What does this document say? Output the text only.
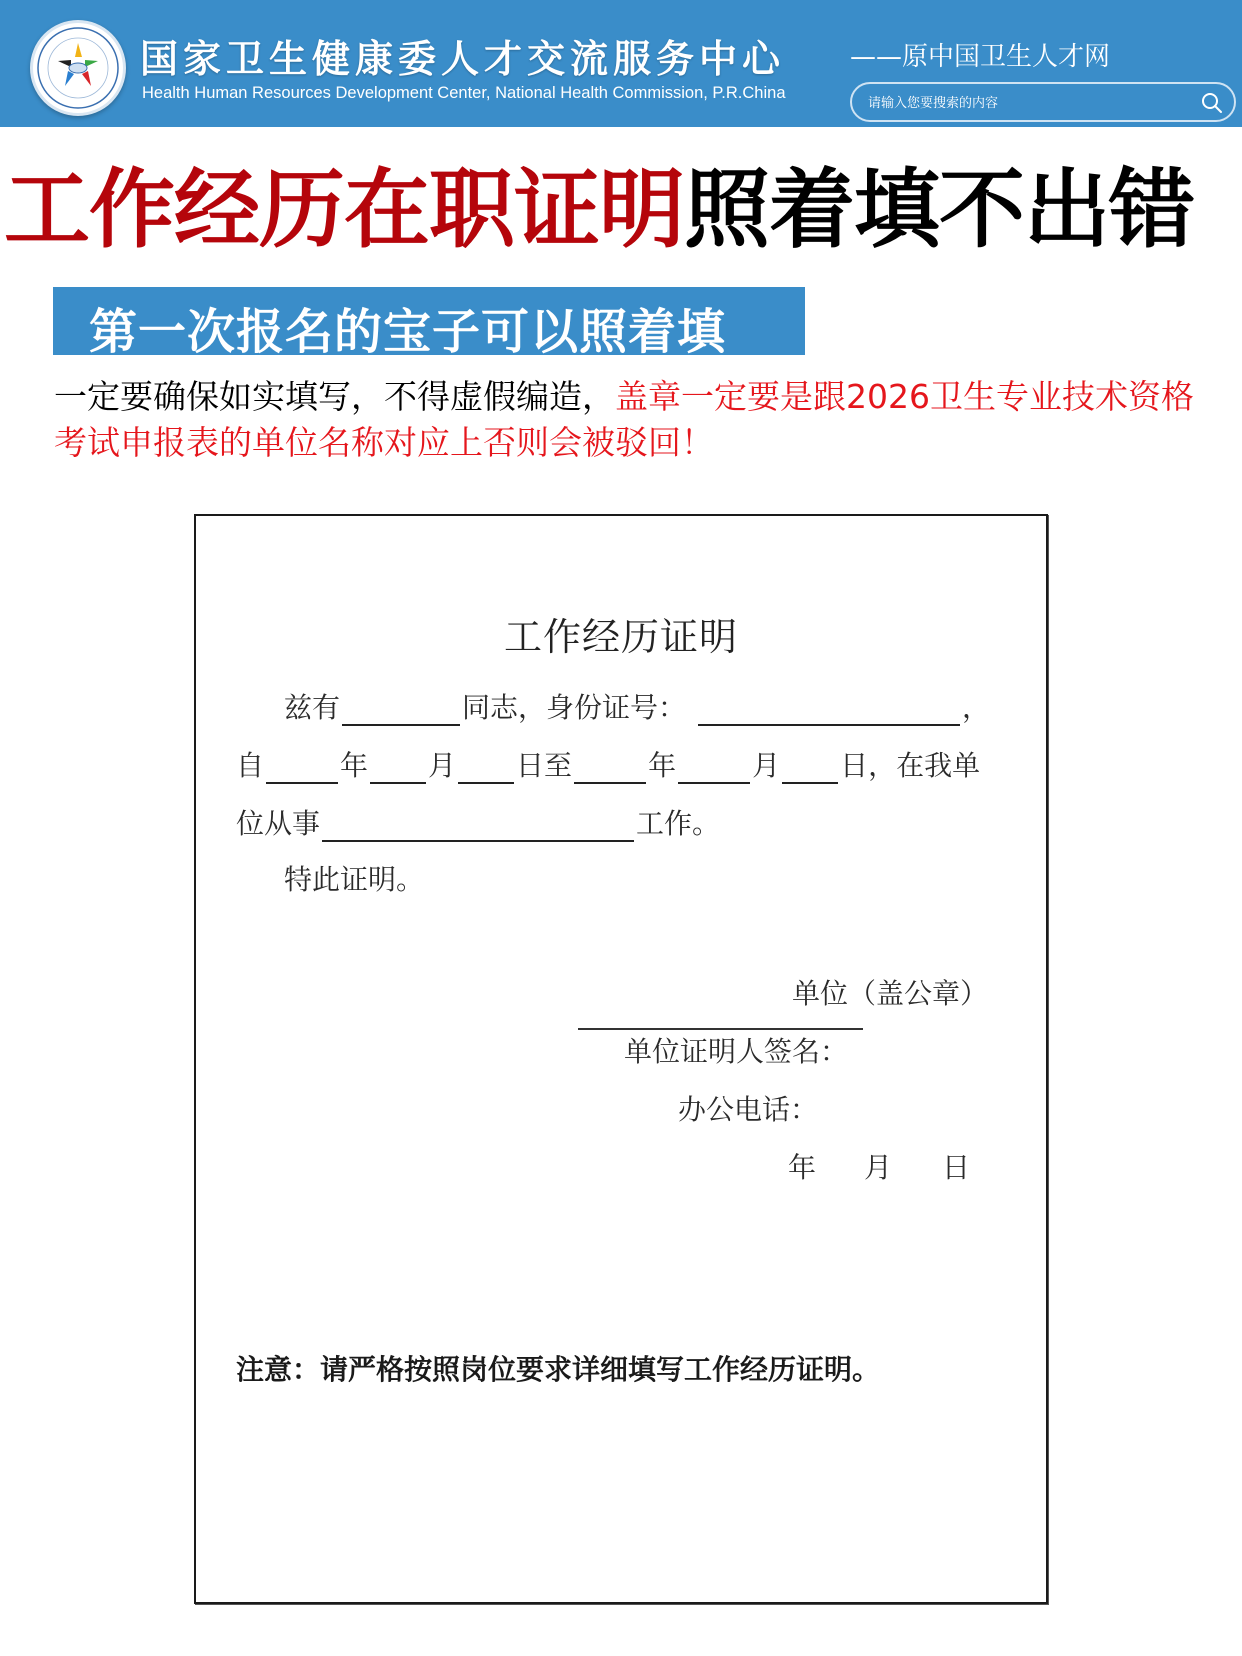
国家卫生健康委人才交流服务中心
Health Human Resources Development Center, National Health Commission, P.R.China
——原中国卫生人才网
请输入您要搜索的内容
工作经历在职证明照着填不出错
第一次报名的宝子可以照着填
一定要确保如实填写，不得虚假编造，盖章一定要是跟2026卫生专业技术资格考试申报表的单位名称对应上否则会被驳回！
工作经历证明
兹有	同志，身份证号：	，
自	年 月 日至	年	月 日，在我单
位从事	工作。
特此证明。
单位（盖公章）
单位证明人签名：
办公电话：
年 月 日
注意：请严格按照岗位要求详细填写工作经历证明。
